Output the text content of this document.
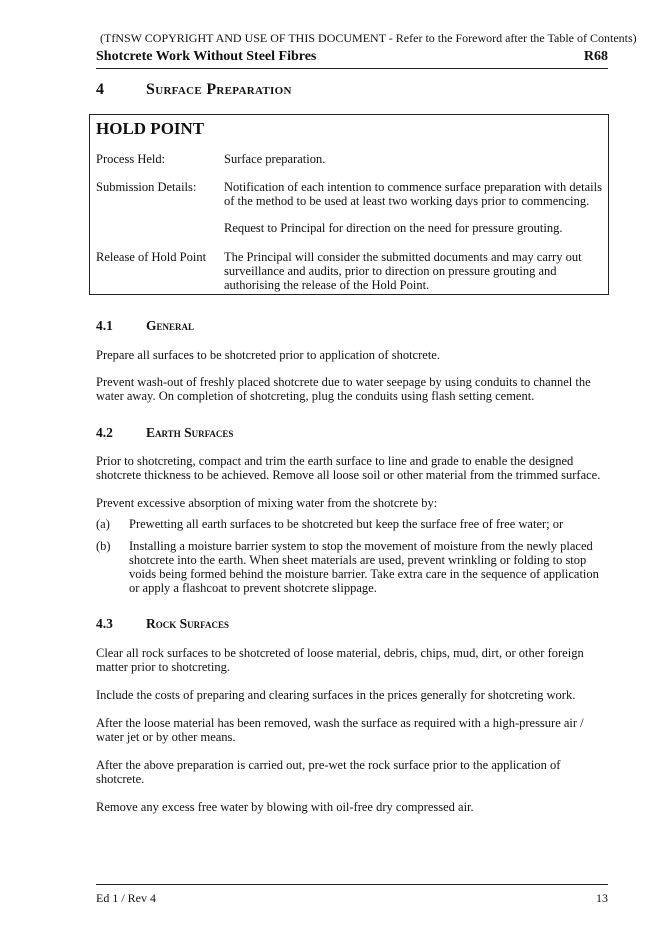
(TfNSW COPYRIGHT AND USE OF THIS DOCUMENT - Refer to the Foreword after the Table of Contents)
Shotcrete Work Without Steel Fibres	R68
4	Surface Preparation
HOLD POINT
Process Held:	Surface preparation.
Submission Details: Notification of each intention to commence surface preparation with details of the method to be used at least two working days prior to commencing.
Request to Principal for direction on the need for pressure grouting.
Release of Hold Point The Principal will consider the submitted documents and may carry out surveillance and audits, prior to direction on pressure grouting and authorising the release of the Hold Point.
4.1 General
Prepare all surfaces to be shotcreted prior to application of shotcrete.
Prevent wash-out of freshly placed shotcrete due to water seepage by using conduits to channel the water away. On completion of shotcreting, plug the conduits using flash setting cement.
4.2 Earth Surfaces
Prior to shotcreting, compact and trim the earth surface to line and grade to enable the designed shotcrete thickness to be achieved. Remove all loose soil or other material from the trimmed surface.
Prevent excessive absorption of mixing water from the shotcrete by:
(a) Prewetting all earth surfaces to be shotcreted but keep the surface free of free water; or
(b) Installing a moisture barrier system to stop the movement of moisture from the newly placed shotcrete into the earth. When sheet materials are used, prevent wrinkling or folding to stop voids being formed behind the moisture barrier. Take extra care in the sequence of application or apply a flashcoat to prevent shotcrete slippage.
4.3 Rock Surfaces
Clear all rock surfaces to be shotcreted of loose material, debris, chips, mud, dirt, or other foreign matter prior to shotcreting.
Include the costs of preparing and clearing surfaces in the prices generally for shotcreting work.
After the loose material has been removed, wash the surface as required with a high-pressure air / water jet or by other means.
After the above preparation is carried out, pre-wet the rock surface prior to the application of shotcrete.
Remove any excess free water by blowing with oil-free dry compressed air.
Ed 1 / Rev 4	13
